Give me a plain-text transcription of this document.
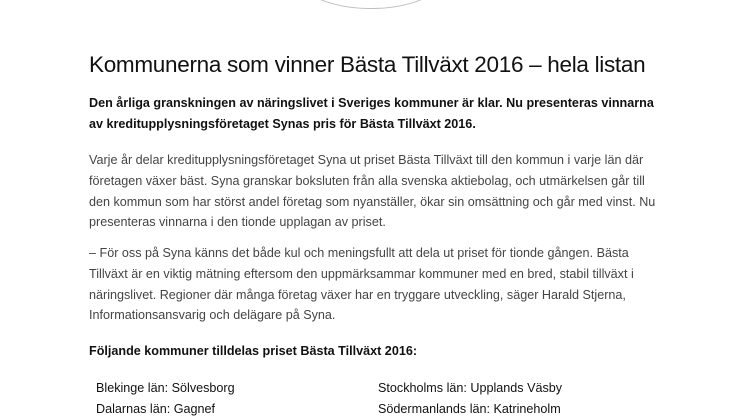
Kommunerna som vinner Bästa Tillväxt 2016 – hela listan

Den årliga granskningen av näringslivet i Sveriges kommuner är klar. Nu presenteras vinnarna av kreditupplysningsföretaget Synas pris för Bästa Tillväxt 2016.

Varje år delar kreditupplysningsföretaget Syna ut priset Bästa Tillväxt till den kommun i varje län där företagen växer bäst. Syna granskar boksluten från alla svenska aktiebolag, och utmärkelsen går till den kommun som har störst andel företag som nyanställer, ökar sin omsättning och går med vinst. Nu presenteras vinnarna i den tionde upplagan av priset.

– För oss på Syna känns det både kul och meningsfullt att dela ut priset för tionde gången. Bästa Tillväxt är en viktig mätning eftersom den uppmärksammar kommuner med en bred, stabil tillväxt i näringslivet. Regioner där många företag växer har en tryggare utveckling, säger Harald Stjerna, Informationsansvarig och delägare på Syna.

Följande kommuner tilldelas priset Bästa Tillväxt 2016:

Blekinge län: Sölvesborg
Dalarnas län: Gagnef
Stockholms län: Upplands Väsby
Södermanlands län: Katrineholm
